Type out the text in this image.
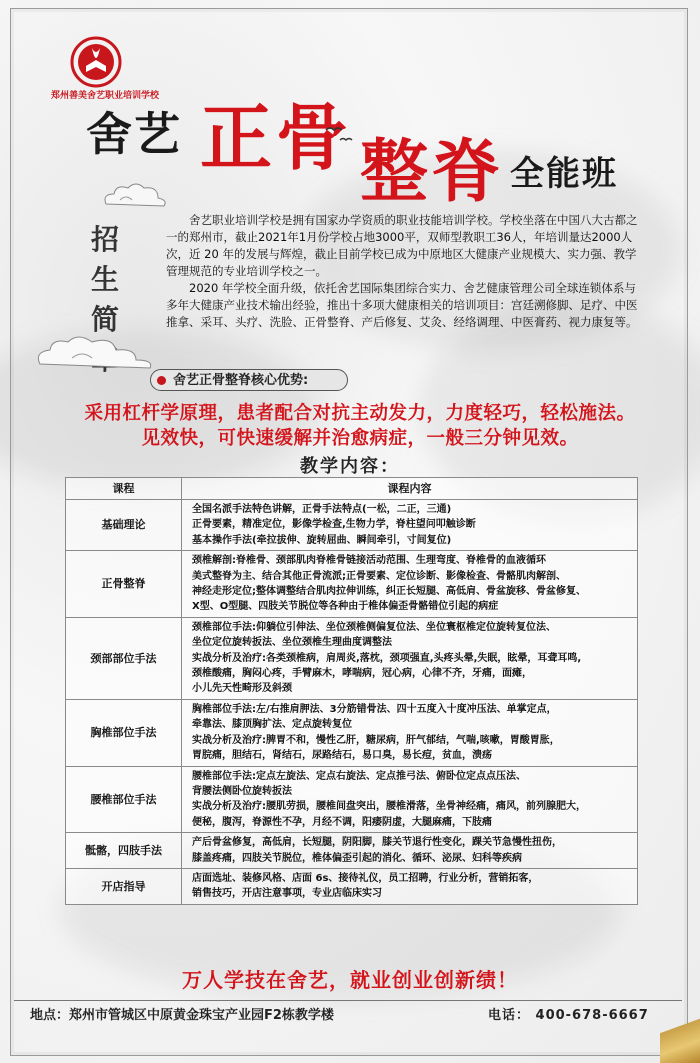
郑州善美舍艺职业培训学校
舍艺 正骨 整脊 全能班
招
生
简

舍艺职业培训学校是拥有国家办学资质的职业技能培训学校。学校坐落在中国八大古都之一的郑州市，截止2021年1月份学校占地3000平，双师型教职工36人，年培训量达2000人次，近 20 年的发展与辉煌，截止目前学校已成为中原地区大健康产业规模大、实力强、教学管理规范的专业培训学校之一。

2020 年学校全面升级，依托舍艺国际集团综合实力、舍艺健康管理公司全球连锁体系与多年大健康产业技术输出经验，推出十多项大健康相关的培训项目：宫廷溯修脚、足疗、中医推拿、采耳、头疗、洗脸、正骨整脊、产后修复、艾灸、经络调理、中医膏药、视力康复等。

舍艺正骨整脊核心优势:
采用杠杆学原理，患者配合对抗主动发力，力度轻巧，轻松施法。
见效快，可快速缓解并治愈病症，一般三分钟见效。
教学内容：
课程	课程内容
基础理论	全国名派手法特色讲解，正骨手法特点(一松，二正，三通)
正骨要素，精准定位，影像学检查,生物力学，脊柱望问叩触诊断
基本操作手法(牵拉拔伸、旋转屈曲、瞬间牵引，寸间复位)

正骨整脊	颈椎解剖:脊椎骨、颈部肌肉脊椎骨链接活动范围、生理弯度、脊椎骨的血液循环
美式整脊为主、结合其他正骨流派;正骨要素、定位诊断、影像检查、骨骼肌肉解剖、
神经走形定位;整体调整结合肌肉拉伸训练，纠正长短腿、高低肩、骨盆旋移、骨盆修复、
X型、O型腿、四肢关节脱位等各种由于椎体偏歪骨骼错位引起的病症

颈部部位手法	颈椎部位手法:仰躺位引伸法、坐位颈椎侧偏复位法、坐位寰枢椎定位旋转复位法、
坐位定位旋转扳法、坐位颈椎生理曲度调整法
实战分析及治疗:各类颈椎病，肩周炎,落枕，颈项强直,头疼头晕,失眠，眩晕，耳聋耳鸣,
颈椎酸痛，胸闷心疼，手臂麻木，哮喘病，冠心病，心律不齐，牙痛，面瘫，
小儿先天性畸形及斜颈

胸椎部位手法	胸椎部位手法:左/右推肩胛法、3分筋错骨法、四十五度入十度冲压法、单掌定点，
牵靠法、膝顶胸扩法、定点旋转复位
实战分析及治疗:脾胃不和，慢性乙肝，糖尿病，肝气郁结，气喘,咳嗽，胃酸胃胀，
胃脘痛，胆结石，肾结石，尿路结石，易口臭，易长痘，贫血，溃疡

腰椎部位手法	腰椎部位手法:定点左旋法、定点右旋法、定点推弓法、俯卧位定点点压法、
背腰法侧卧位旋转扳法
实战分析及治疗:腰肌劳损，腰椎间盘突出，腰椎滑落，坐骨神经痛，痛风，前列腺肥大，
便秘，腹泻，脊源性不孕，月经不调，阳痿阴虚，大腿麻痛，下肢痛

骶髂，四肢手法	产后骨盆修复，高低肩，长短腿，阴阳脚，膝关节退行性变化，踝关节急慢性扭伤，
膝盖疼痛，四肢关节脱位，椎体偏歪引起的消化、循环、泌尿、妇科等疾病

开店指导	店面选址、装修风格、店面 6s、接待礼仪，员工招聘，行业分析，营销拓客，
销售技巧，开店注意事项，专业店临床实习
万人学技在舍艺，就业创业创新绩！
地点：郑州市管城区中原黄金珠宝产业园F2栋教学楼	电话： 400-678-6667
